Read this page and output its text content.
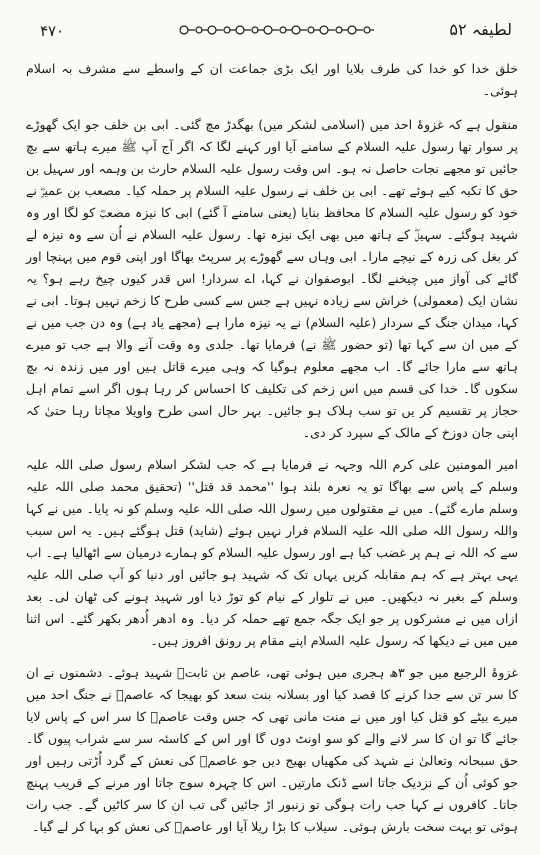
۴۷۰	لطیفہ ۵۲

خلق خدا کو خدا کی طرف بلایا اور ایک بڑی جماعت ان کے واسطے سے مشرف بہ اسلام ہوئی۔

منقول ہے کہ غزوۂ احد میں (اسلامی لشکر میں) بھگدڑ مچ گئی۔ ابی بن خلف جو ایک گھوڑے پر سوار تھا رسول علیہ السلام کے سامنے آیا اور کہنے لگا کہ اگر آج آپ ﷺ میرے ہاتھ سے بچ جائیں تو مجھے نجات حاصل نہ ہو۔ اس وقت رسول علیہ السلام حارث بن وہمہ اور سہیل بن حق کا تکیہ کیے ہوئے تھے۔ ابی بن خلف نے رسول علیہ السلام پر حملہ کیا۔ مصعب بن عمیرؓ نے خود کو رسول علیہ السلام کا محافظ بنایا (یعنی سامنے آ گئے) ابی کا نیزہ مصعبؓ کو لگا اور وہ شہید ہوگئے۔ سہیلؓ کے ہاتھ میں بھی ایک نیزہ تھا۔ رسول علیہ السلام نے اُن سے وہ نیزہ لے کر بغل کی زرہ کے نیچے مارا۔ ابی وہاں سے گھوڑے پر سرپٹ بھاگا اور اپنی قوم میں پہنچا اور گائے کی آواز میں چیخنے لگا۔ ابوصفوان نے کہا، اے سردار! اس قدر کیوں چیخ رہے ہو؟ یہ نشان ایک (معمولی) خراش سے زیادہ نہیں ہے جس سے کسی طرح کا زخم نہیں ہوتا۔ ابی نے کہا، میدان جنگ کے سردار (علیہ السلام) نے یہ نیزہ مارا ہے (مجھے یاد ہے) وہ دن جب میں نے کے میں ان سے کہا تھا (تو حضور ﷺ نے) فرمایا تھا۔ جلدی وہ وقت آنے والا ہے جب تو میرے ہاتھ سے مارا جائے گا۔ اب مجھے معلوم ہوگیا کہ وہی میرے قاتل ہیں اور میں زندہ نہ بچ سکوں گا۔ خدا کی قسم میں اس زخم کی تکلیف کا احساس کر رہا ہوں اگر اسے تمام اہل حجاز پر تقسیم کر یں تو سب ہلاک ہو جائیں۔ بہر حال اسی طرح واویلا مچاتا رہا حتیٰ کہ اپنی جان دوزخ کے مالک کے سپرد کر دی۔

امیر المومنین علی کرم اللہ وجہہ نے فرمایا ہے کہ جب لشکر اسلام رسول صلی اللہ علیہ وسلم کے پاس سے بھاگا تو یہ نعرہ بلند ہوا ''محمد قد قتل'' (تحقیق محمد صلی اللہ علیہ وسلم مارے گئے)۔ میں نے مقتولوں میں رسول اللہ صلی اللہ علیہ وسلم کو نہ پایا۔ میں نے کہا واللہ رسول اللہ صلی اللہ علیہ السلام فرار نہیں ہوئے (شاید) قتل ہوگئے ہیں۔ یہ اس سبب سے کہ اللہ نے ہم پر غضب کیا ہے اور رسول علیہ السلام کو ہمارے درمیان سے اٹھالیا ہے۔ اب یہی بہتر ہے کہ ہم مقابلہ کریں یہاں تک کہ شہید ہو جائیں اور دنیا کو آپ صلی اللہ علیہ وسلم کے بغیر نہ دیکھیں۔ میں نے تلوار کے نیام کو توڑ دیا اور شہید ہونے کی ٹھان لی۔ بعد ازاں میں نے مشرکوں پر جو ایک جگہ جمع تھے حملہ کر دیا۔ وہ ادھر اُدھر بکھر گئے۔ اس اثنا میں میں نے دیکھا کہ رسول علیہ السلام اپنے مقام پر رونق افروز ہیں۔

غزوۂ الرجیع میں جو ۳ھ ہجری میں ہوئی تھی، عاصم بن ثابتؓ شہید ہوئے۔ دشمنوں نے ان کا سر تن سے جدا کرنے کا قصد کیا اور بسلانہ بنت سعد کو بھیجا کہ عاصمؓ نے جنگ احد میں میرے بیٹے کو قتل کیا اور میں نے منت مانی تھی کہ جس وقت عاصمؓ کا سر اس کے پاس لایا جائے گا تو ان کا سر لانے والے کو سو اونٹ دوں گا اور اس کے کاسئہ سر سے شراب پیوں گا۔ حق سبحانہ وتعالیٰ نے شہد کی مکھیاں بھیج دیں جو عاصمؓ کی نعش کے گرد اُڑتی رہیں اور جو کوئی اُن کے نزدیک جاتا اسے ڈنک مارتیں۔ اس کا چہرہ سوج جاتا اور مرنے کے قریب پہنچ جاتا۔ کافروں نے کہا جب رات ہوگی تو زنبور اڑ جائیں گی تب ان کا سر کاٹیں گے۔ جب رات ہوئی تو بہت سخت بارش ہوئی۔ سیلاب کا بڑا ریلا آیا اور عاصمؓ کی نعش کو بہا کر لے گیا۔
